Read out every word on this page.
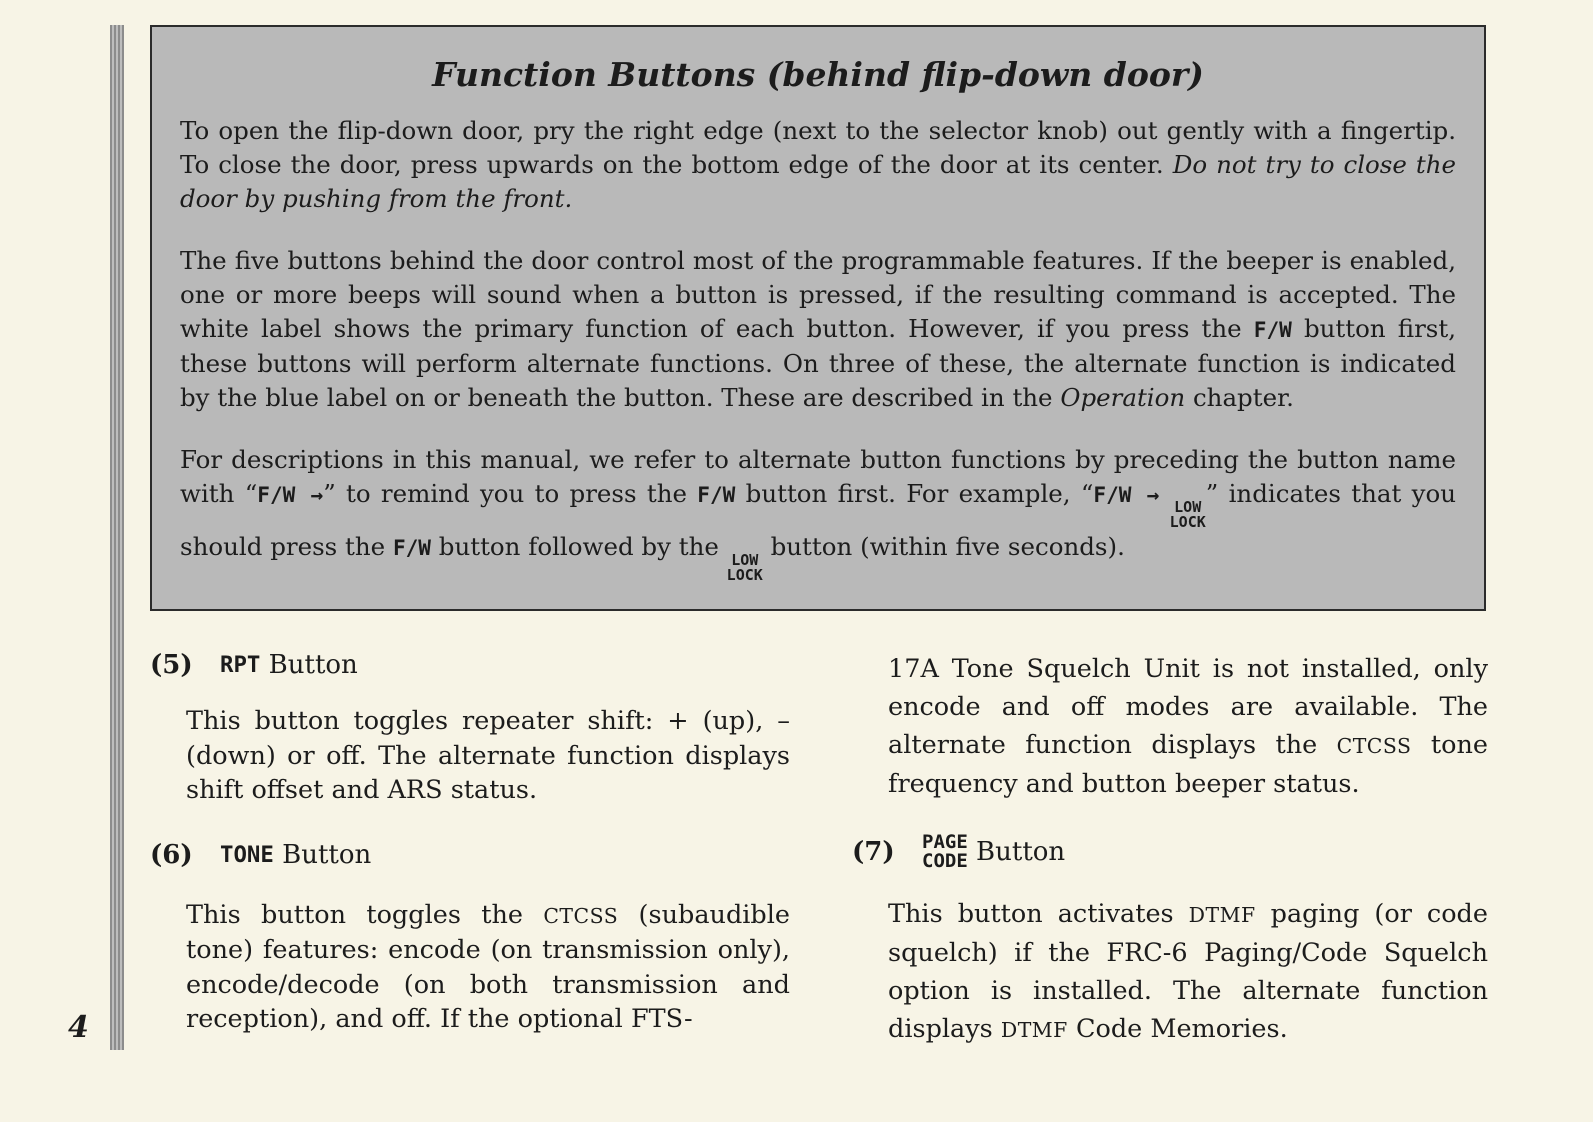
4
Function Buttons (behind flip-down door)

To open the flip-down door, pry the right edge (next to the selector knob) out gently with a fingertip. To close the door, press upwards on the bottom edge of the door at its center. Do not try to close the door by pushing from the front.

The five buttons behind the door control most of the programmable features. If the beeper is enabled, one or more beeps will sound when a button is pressed, if the resulting command is accepted. The white label shows the primary function of each button. However, if you press the F/W button first, these buttons will perform alternate functions. On three of these, the alternate function is indicated by the blue label on or beneath the button. These are described in the Operation chapter.

For descriptions in this manual, we refer to alternate button functions by preceding the button name with “F/W →” to remind you to press the F/W button first. For example, “F/W → LOW
LOCK
” indicates that you should press the F/W button followed by the LOW
LOCK
button (within five seconds).

(5)	RPT
Button

This button toggles repeater shift: + (up), – (down) or off. The alternate function displays shift offset and ARS status.

(6)	TONE
Button

This button toggles the CTCSS (subaudible tone) features: encode (on transmission only), encode/decode (on both transmission and reception), and off. If the optional FTS-

17A Tone Squelch Unit is not installed, only encode and off modes are available. The alternate function displays the CTCSS tone frequency and button beeper status.

(7)	PAGE
CODE
Button

This button activates DTMF paging (or code squelch) if the FRC-6 Paging/Code Squelch option is installed. The alternate function displays DTMF Code Memories.
